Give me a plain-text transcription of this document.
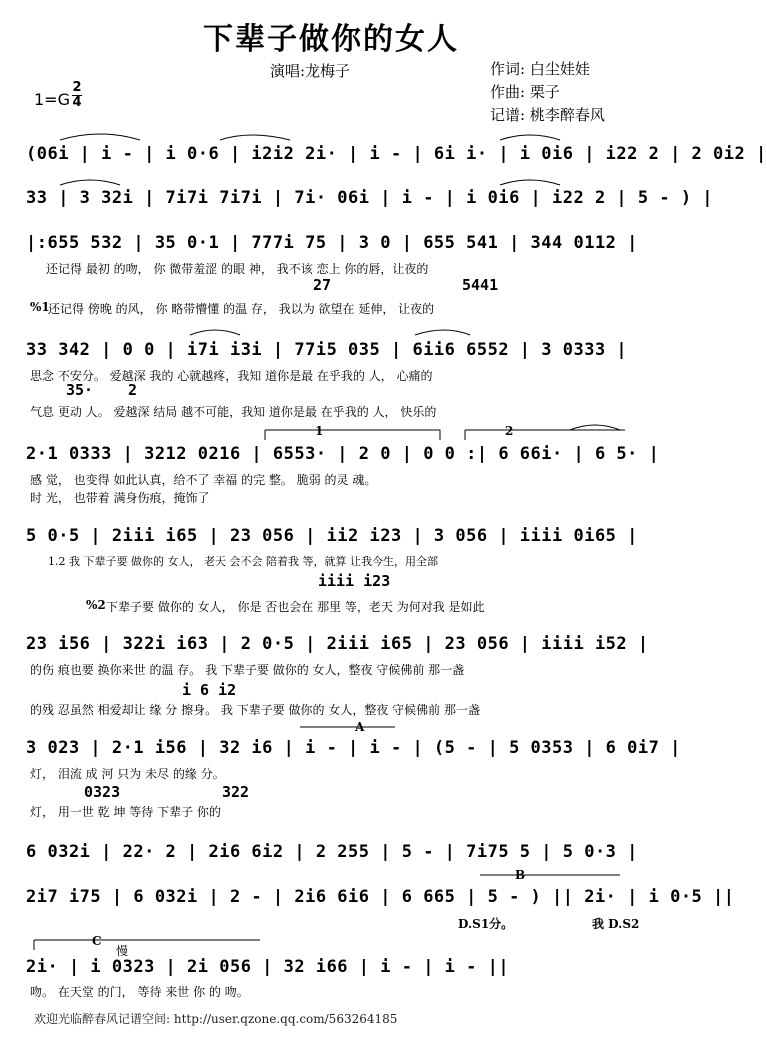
下辈子做你的女人
演唱:龙梅子	作词: 白尘娃娃
作曲: 栗子
记谱: 桃李醉春风
1=G
2
4
(06i | i - | i 0·6 | i2i2 2i· | i - | 6i i· | i 0i6 | i22 2 | 2 0i2 |
33 | 3 32i | 7i7i 7i7i | 7i· 06i | i - | i 0i6 | i22 2 | 5 - ) |
|:655 532 | 35 0·1 | 777i 75 | 3 0 | 655 541 | 344 0112 |
还记得 最初 的吻， 你 微带羞涩 的眼 神， 我不该 恋上 你的唇，让夜的
27	5441
%1
还记得 傍晚 的风， 你 略带懵懂 的温 存， 我以为 欲望在 延伸， 让夜的
33 342 | 0 0 | i7i i3i | 77i5 035 | 6ii6 6552 | 3 0333 |
思念 不安分。 爱越深 我的 心就越疼，我知 道你是最 在乎我的 人， 心痛的
35· 2
气息 更动 人。 爱越深 结局 越不可能，我知 道你是最 在乎我的 人， 快乐的
1	2
2·1 0333 | 3212 0216 | 6553· | 2 0 | 0 0 :| 6 66i· | 6 5· |
感 觉， 也变得 如此认真，给不了 幸福 的完 整。 脆弱 的灵 魂。
时 光， 也带着 满身伤痕，掩饰了
5 0·5 | 2iii i65 | 23 056 | ii2 i23 | 3 056 | iiii 0i65 |
1.2 我 下辈子要 做你的 女人， 老天 会不会 陪着我 等，就算 让我今生，用全部
iiii i23
%2 下辈子要 做你的 女人， 你是 否也会在 那里 等，老天 为何对我 是如此
23 i56 | 322i i63 | 2 0·5 | 2iii i65 | 23 056 | iiii i52 |
的伤 痕也要 换你来世 的温 存。 我 下辈子要 做你的 女人，整夜 守候佛前 那一盏
i 6 i2
的残 忍虽然 相爱却让 缘 分 擦身。 我 下辈子要 做你的 女人，整夜 守候佛前 那一盏
A
3 023 | 2·1 i56 | 32 i6 | i - | i - | (5 - | 5 0353 | 6 0i7 |
灯， 泪流 成 河 只为 未尽 的缘 分。
0323	322
灯， 用一世 乾 坤 等待 下辈子 你的
6 032i | 22· 2 | 2i6 6i2 | 2 255 | 5 - | 7i75 5 | 5 0·3 |
B
2i7 i75 | 6 032i | 2 - | 2i6 6i6 | 6 665 | 5 - ) || 2i· | i 0·5 ||
D.S1分。	我 D.S2
C
慢
2i· | i 0323 | 2i 056 | 32 i66 | i - | i - ||
吻。 在天堂 的门， 等待 来世 你 的 吻。
欢迎光临醉春风记谱空间: http://user.qzone.qq.com/563264185
